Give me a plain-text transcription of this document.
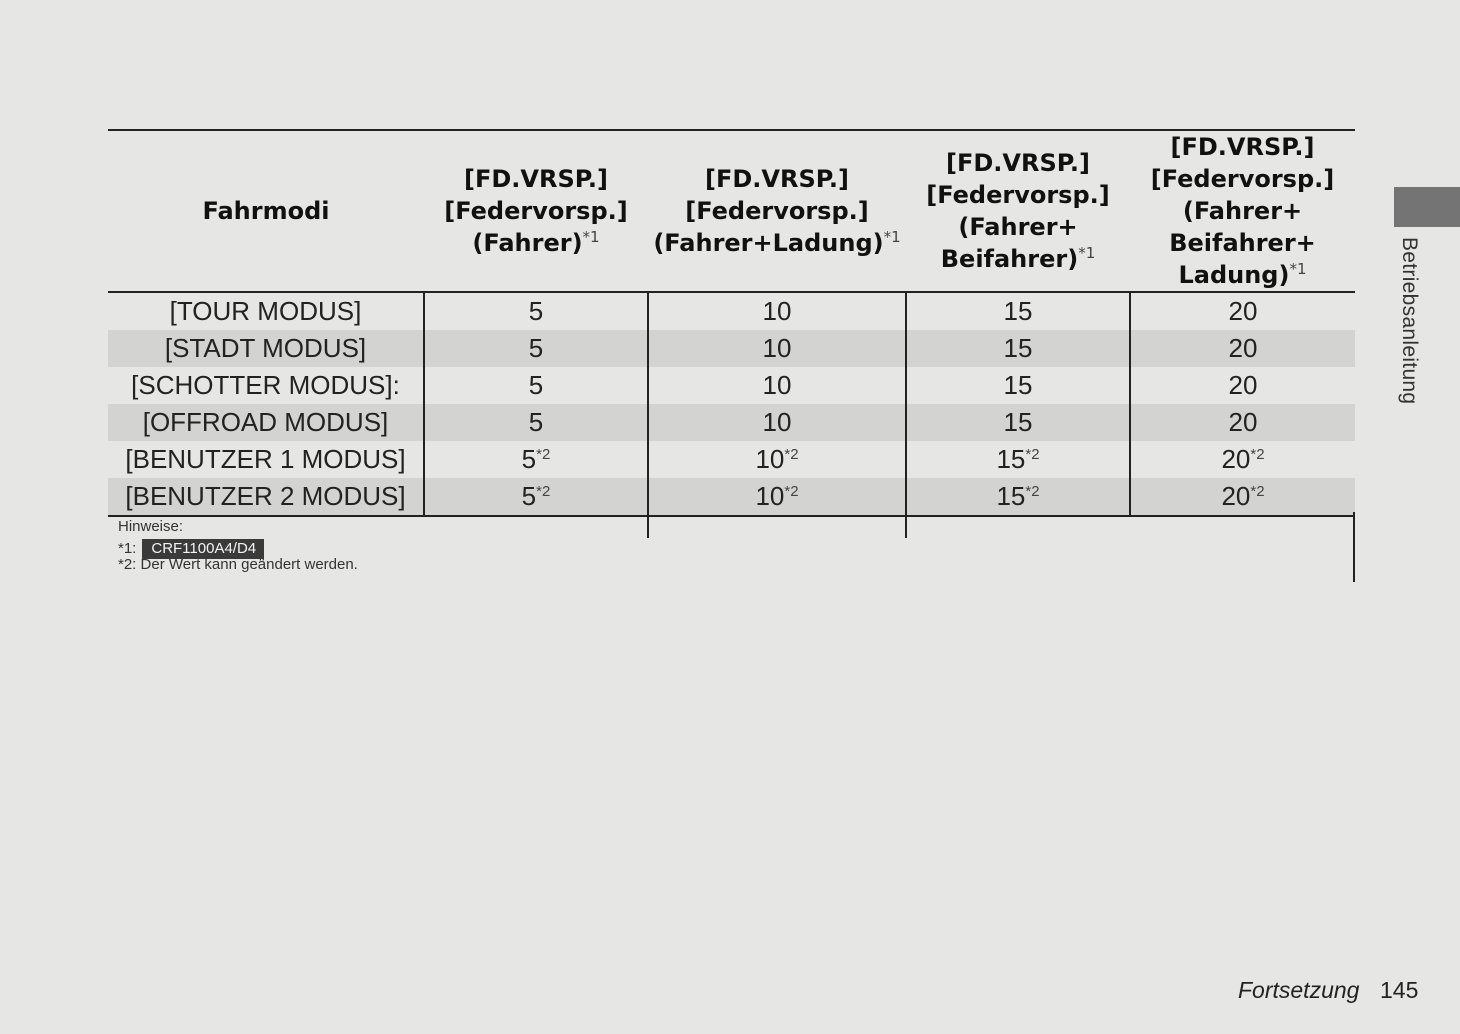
Fahrmodi	[FD.VRSP.]
[Federvorsp.]
(Fahrer)$^{*1}$	[FD.VRSP.]
[Federvorsp.]
(Fahrer+Ladung)$^{*1}$	[FD.VRSP.]
[Federvorsp.]
(Fahrer+
Beifahrer)$^{*1}$	[FD.VRSP.]
[Federvorsp.]
(Fahrer+
Beifahrer+
Ladung)$^{*1}$

[TOUR MODUS]	5	10	15	20
[STADT MODUS]	5	10	15	20
[SCHOTTER MODUS]:	5	10	15	20
[OFFROAD MODUS]	5	10	15	20
[BENUTZER 1 MODUS]	5$^{*2}$	10$^{*2}$	15$^{*2}$	20$^{*2}$
[BENUTZER 2 MODUS]	5$^{*2}$	10$^{*2}$	15$^{*2}$	20$^{*2}$
Hinweise:
*1: CRF1100A4/D4
*2: Der Wert kann geändert werden.
Betriebsanleitung
Fortsetzung 145
